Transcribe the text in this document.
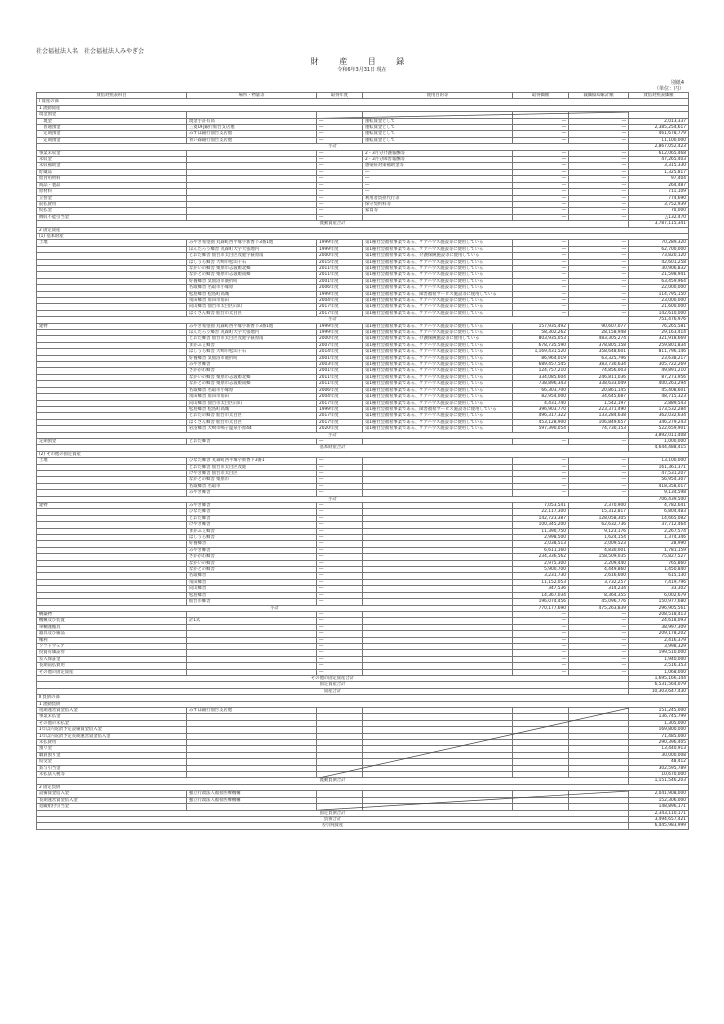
社会福祉法人名　社会福祉法人みやぎ会
財 産 目 録
令和6年3月31日 現在
別紙4
（単位：円）
貸借対照表科目	場所・物量等	取得年度	使用目的等	取得価額	減価償却累計額	貸借対照表価額
Ⅰ 資産の部						
1 流動資産						
現金預金						
　現金	現金手許有高	―	運転資金として	―	―	2,013,337
　普通預金	三菱UFJ銀行仙台支店他	―	運転資金として	―	―	2,385,254,617
　定期預金	みずほ銀行仙台支店他	―	運転資金として	―	―	461,678,779
　定期預金	青い森銀行仙台支店他	―	運転資金として	―	―	11,100,000
小計						2,867,052,423
事業未収金		―	2・3月分介護報酬等	―	―	612,065,468
未収金		―	2・3月分障害報酬等	―	―	47,265,403
未収補助金		―	感染症対策補助金等	―	―	3,315,330
貯蔵品		―	―	―	―	1,325,817
給食用材料		―	―	―	―	97,404
商品・製品		―	―	―	―	264,487
原材料		―	―	―	―	711,109
立替金		―	利用者負担代行等	―	―	774,690
前払費用		―	保守契約料等	―	―	3,752,939
仮払金		―	家賃等	―	―	70,000
徴収不能引当金		―		―	―	△132,470
流動資産合計						3,787,115,341
2 固定資産						
(1) 基本財産						
土地	みやぎ希望園 丸森町西平塚字新香下3番1他	1999年度	第1種社会福祉事業である、ケアハウス施設等に使用している	―	―	70,289,320
	ほんたろう郷舎 丸森町大字大張地内	1999年度	第1種社会福祉事業である、ケアハウス施設等に使用している	―	―	62,700,000
	とおだ郷舎 仙台市太白区茂庭字萩原南	2000年度	第1種社会福祉事業である、介護保険施設等に使用している	―	―	73,820,120
	はしうら郷舎 大崎市松山千石	2015年度	第1種社会福祉事業である、ケアハウス施設等に使用している	―	―	42,601,258
	なかいの郷舎 栗原市志波姫北郷	2011年度	第1種社会福祉事業である、ケアハウス施設等に使用している	―	―	30,906,832
	なかとの郷舎 栗原市志波姫南郷	2011年度	第1種社会福祉事業である、ケアハウス施設等に使用している	―	―	21,598,941
	好養郷舎 気仙沼市鹿折町	2001年度	第1種社会福祉事業である、ケアハウス施設等に使用している	―	―	63,459,964
	名取郷舎 名取市小塚原	2006年度	第1種社会福祉事業である、ケアハウス施設等に使用している	―	―	22,000,000
	松島郷舎 松島町高城	1999年度	第1種社会福祉事業である、障害福祉サービス施設等に使用している	―	―	114,795,150
	角田郷舎 角田市角田	2004年度	第1種社会福祉事業である、ケアハウス施設等に使用している	―	―	23,000,000
	向山郷舎 仙台市太白区向山	2017年度	第1種社会福祉事業である、ケアハウス施設等に使用している	―	―	21,600,000
	はくさん郷舎 仙台市太白区	2017年度	第1種社会福祉事業である、ケアハウス施設等に使用している	―	―	142,610,000
小計						751,476,976
建物	みやぎ希望園 丸森町西平塚字新香下3番1他	1999年度	第1種社会福祉事業である、ケアハウス施設等に使用している	157,935,492	90,607,077	76,265,581
	ほんたろう郷舎 丸森町大字大張地内	1999年度	第1種社会福祉事業である、ケアハウス施設等に使用している	58,302,262	28,158,948	29,163,414
	とおだ郷舎 仙台市太白区茂庭字萩原南	2000年度	第1種社会福祉事業である、介護保険施設等に使用している	803,935,053	483,305,274	321,918,669
	まかふぇ郷舎	2007年度	第1種社会福祉事業である、ケアハウス施設等に使用している	678,735,590	378,805,158	259,801,834
	はしうら郷舎 大崎市松山千石	2014年度	第1種社会福祉事業である、ケアハウス施設等に使用している	1,169,431,520	358,648,601	811,796,146
	好養郷舎 気仙沼市鹿折町	2001年度	第1種社会福祉事業である、ケアハウス施設等に使用している	86,964,019	63,325,796	23,638,217
	みやぎ郷舎	2003年度	第1種社会福祉事業である、ケアハウス施設等に使用している	689,457,545	383,730,634	305,722,269
	さかがわ郷舎	2001年度	第1種社会福祉事業である、ケアハウス施設等に使用している	124,757,210	74,856,003	49,891,210
	なかいの郷舎 栗原市志波姫北郷	2011年度	第1種社会福祉事業である、ケアハウス施設等に使用している	334,085,604	246,811,036	87,273,956
	なかとの郷舎 栗原市志波姫南郷	2011年度	第1種社会福祉事業である、ケアハウス施設等に使用している	738,896,343	338,633,049	400,263,294
	名取郷舎 名取市小塚原	2006年度	第1種社会福祉事業である、ケアハウス施設等に使用している	66,303,700	20,861,145	45,408,601
	角田郷舎 角田市角田	2004年度	第1種社会福祉事業である、ケアハウス施設等に使用している	82,954,000	34,645,687	48,715,323
	向山郷舎 仙台市太白区向山	2017年度	第1種社会福祉事業である、ケアハウス施設等に使用している	4,431,740	1,542,197	2,889,543
	松島郷舎 松島町高城	1999年度	第1種社会福祉事業である、障害福祉サービス施設等に使用している	396,903,770	223,371,490	173,532,284
	とおだの郷舎 仙台市太白区	2017年度	第1種社会福祉事業である、ケアハウス施設等に使用している	496,317,322	133,284,638	362,032,634
	はくさん郷舎 仙台市太白区	2017年度	第1種社会福祉事業である、ケアハウス施設等に使用している	453,128,900	106,849,657	346,279,243
	岩沼郷舎 大崎市鳴子温泉小原44	2020年度	第1種社会福祉事業である、ケアハウス施設等に使用している	597,390,054	74,730,153	522,659,901
小計						3,892,011,408
定期預金	とおだ郷舎	―		―	―	1,000,000
基本財産合計						4,644,488,415
(2) その他の固定資産						
土地	ひなた郷舎 丸森町西平塚字新香下3番1	―		―	―	13,100,000
	とおだ郷舎 仙台市太白区茂庭	―		―	―	161,361,371
	けやき郷舎 仙台市太白区	―		―	―	47,531,207
	なかとの郷舎 栗原市	―		―	―	56,954,307
	名取郷舎 名取市	―		―	―	418,358,017
	みやぎ郷舎	―		―	―	9,134,598
小計						706,439,500
建物	みやぎ郷舎	―		7,053,541	2,370,900	4,782,641
	ひなた郷舎	―		22,117,300	15,312,817	6,804,483
	とおだ郷舎	―		142,723,387	128,058,305	14,665,082
	けやき郷舎	―		100,345,200	62,632,736	37,712,464
	まかふぇ郷舎	―		11,390,750	9,123,176	2,267,574
	はしうら郷舎	―		2,998,500	1,624,154	1,374,346
	好養郷舎	―		2,038,513	2,009,523	28,990
	みやぎ郷舎	―		6,611,160	4,830,001	1,781,159
	さかがわ郷舎	―		234,336,562	158,509,035	75,827,527
	なかいの郷舎	―		2,975,300	2,209,440	765,860
	なかとの郷舎	―		5,900,700	4,449,860	1,450,840
	名取郷舎	―		3,231,730	2,616,600	615,130
	角田郷舎	―		11,152,053	3,732,257	7,419,796
	向山郷舎	―		347,536	314,234	33,302
	松島郷舎	―		14,367,034	8,364,355	6,002,679
	仙台市郷舎	―		196,074,456	45,096,776	150,977,680
小計				770,177,690	475,263,839	296,905,561
構築物		―		―	―	208,518,413
機械及び装置	計1式	―		―	―	24,618,093
車輌運搬具		―		―	―	38,997,309
器具及び備品		―		―	―	209,178,202
権利		―		―	―	2,416,379
ソフトウェア		―		―	―	3,998,329
投資有価証券		―		―	―	199,510,000
差入保証金		―		―	―	1,940,000
長期前払費用		―		―	―	2,516,353
その他の固定資産		―		―	―	1,068,000
その他の固定資産合計						1,695,166,144
固定資産合計						6,531,564,079
資産合計						10,303,647,430
Ⅱ 負債の部						
1 流動負債						
短期運営資金借入金	みずほ銀行仙台支店他					151,245,000
事業未払金						136,745,799
その他の未払金						1,305,000
1年以内返済予定設備資金借入金						169,800,000
1年以内返済予定長期運営資金借入金						71,485,000
未払費用						290,396,405
預り金						13,440,913
職員預り金						30,000,008
仮受金						48,412
賞与引当金						302,595,789
未払法人税等						10,670,000
流動負債合計						1,151,546,203
2 固定負債						
設備資金借入金	独立行政法人福祉医療機構					2,041,908,000
長期運営資金借入金	独立行政法人福祉医療機構					152,306,000
退職給付引当金						148,896,171
固定負債合計						2,343,110,171
負債合計						3,494,657,421
差引純資産						6,445,983,999
